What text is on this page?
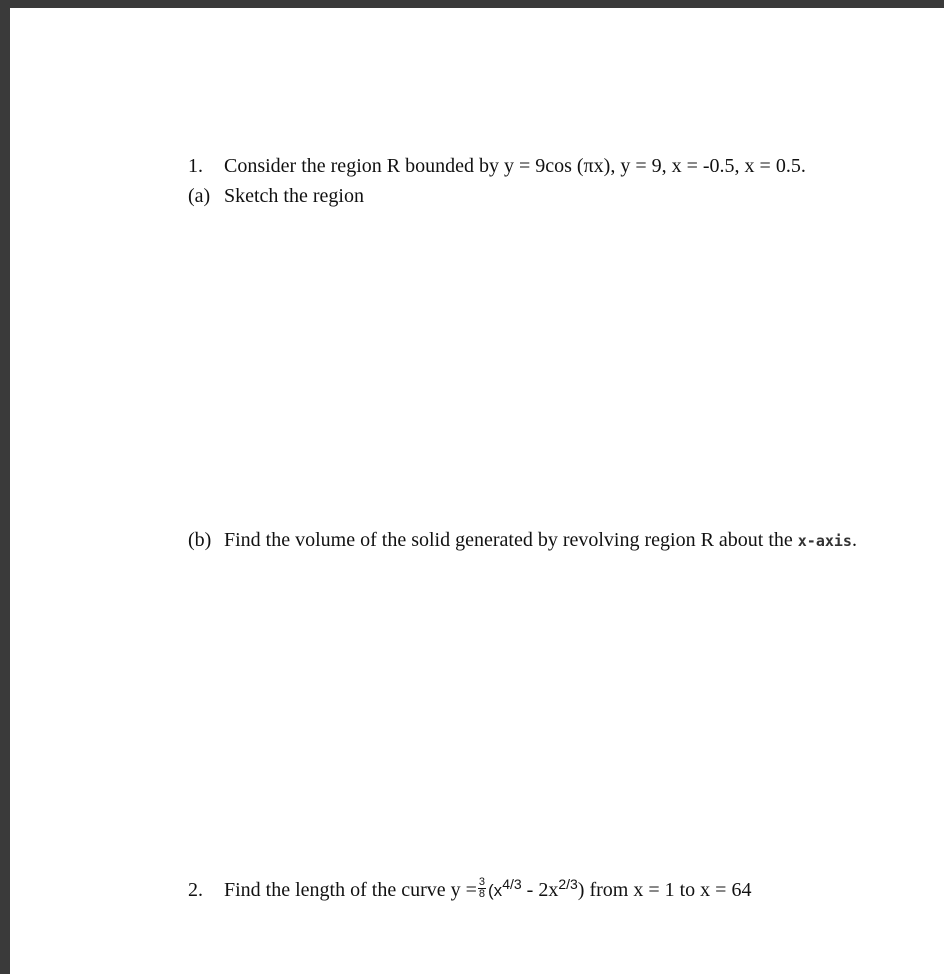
1. Consider the region R bounded by y = 9cos (πx), y = 9, x = -0.5, x = 0.5.
(a) Sketch the region
(b) Find the volume of the solid generated by revolving region R about the x-axis.
2. Find the length of the curve $y = \frac{3}{8} (x^{4/3} - 2x^{2/3})$ from x = 1 to x = 64
